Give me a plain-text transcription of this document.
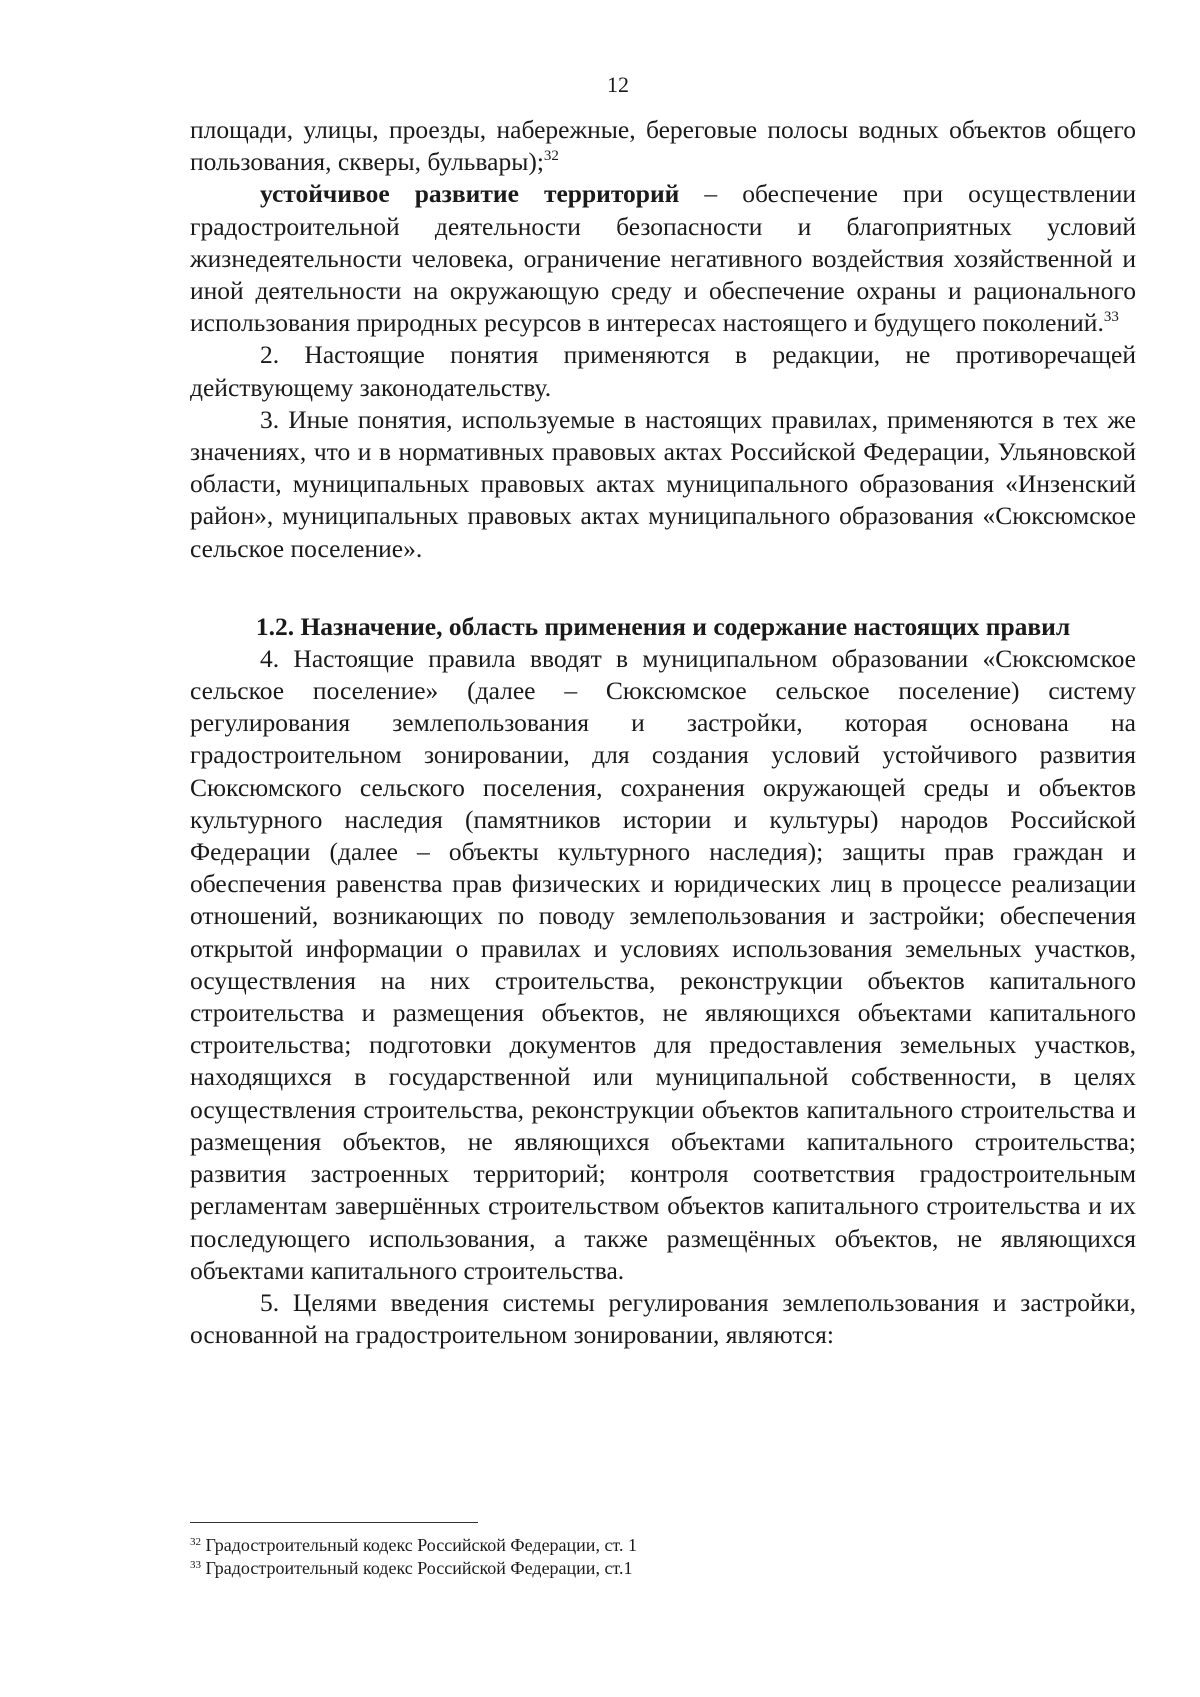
12

площади, улицы, проезды, набережные, береговые полосы водных объектов общего пользования, скверы, бульвары);$^{32}$

устойчивое развитие территорий – обеспечение при осуществлении градостроительной деятельности безопасности и благоприятных условий жизнедеятельности человека, ограничение негативного воздействия хозяйственной и иной деятельности на окружающую среду и обеспечение охраны и рационального использования природных ресурсов в интересах настоящего и будущего поколений.$^{33}$

2. Настоящие понятия применяются в редакции, не противоречащей действующему законодательству.

3. Иные понятия, используемые в настоящих правилах, применяются в тех же значениях, что и в нормативных правовых актах Российской Федерации, Ульяновской области, муниципальных правовых актах муниципального образования «Инзенский район», муниципальных правовых актах муниципального образования «Сюксюмское сельское поселение».

1.2. Назначение, область применения и содержание настоящих правил

4. Настоящие правила вводят в муниципальном образовании «Сюксюмское сельское поселение» (далее – Сюксюмское сельское поселение) систему регулирования землепользования и застройки, которая основана на градостроительном зонировании, для создания условий устойчивого развития Сюксюмского сельского поселения, сохранения окружающей среды и объектов культурного наследия (памятников истории и культуры) народов Российской Федерации (далее – объекты культурного наследия); защиты прав граждан и обеспечения равенства прав физических и юридических лиц в процессе реализации отношений, возникающих по поводу землепользования и застройки; обеспечения открытой информации о правилах и условиях использования земельных участков, осуществления на них строительства, реконструкции объектов капитального строительства и размещения объектов, не являющихся объектами капитального строительства; подготовки документов для предоставления земельных участков, находящихся в государственной или муниципальной собственности, в целях осуществления строительства, реконструкции объектов капитального строительства и размещения объектов, не являющихся объектами капитального строительства; развития застроенных территорий; контроля соответствия градостроительным регламентам завершённых строительством объектов капитального строительства и их последующего использования, а также размещённых объектов, не являющихся объектами капитального строительства.

5. Целями введения системы регулирования землепользования и застройки, основанной на градостроительном зонировании, являются:

$^{32}$ Градостроительный кодекс Российской Федерации, ст. 1
$^{33}$ Градостроительный кодекс Российской Федерации, ст.1
